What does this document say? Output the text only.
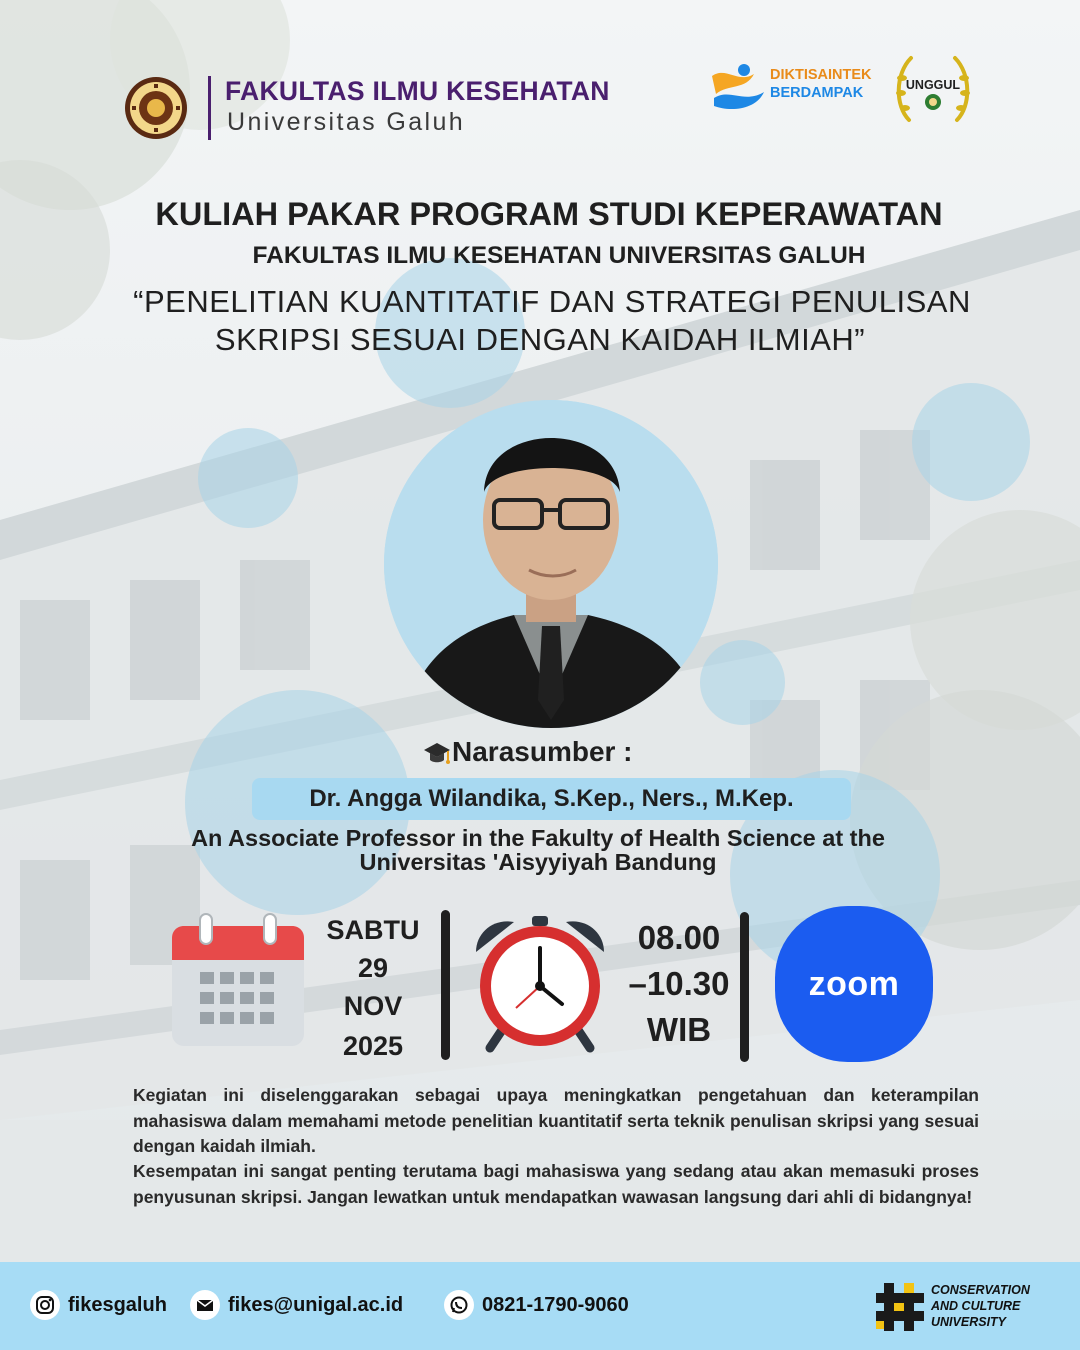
FAKULTAS ILMU KESEHATAN
Universitas Galuh
DIKTISAINTEK
BERDAMPAK	UNGGUL
KULIAH PAKAR PROGRAM STUDI KEPERAWATAN
FAKULTAS ILMU KESEHATAN UNIVERSITAS GALUH
“PENELITIAN KUANTITATIF DAN STRATEGI PENULISAN
SKRIPSI SESUAI DENGAN KAIDAH ILMIAH”
Narasumber :
Dr. Angga Wilandika, S.Kep., Ners., M.Kep.
An Associate Professor in the Fakulty of Health Science at the
Universitas 'Aisyyiyah Bandung
SABTU
29
NOV
2025
08.00
–10.30
WIB
zoom
Kegiatan ini diselenggarakan sebagai upaya meningkatkan pengetahuan dan keterampilan mahasiswa dalam memahami metode penelitian kuantitatif serta teknik penulisan skripsi yang sesuai dengan kaidah ilmiah.
Kesempatan ini sangat penting terutama bagi mahasiswa yang sedang atau akan memasuki proses penyusunan skripsi. Jangan lewatkan untuk mendapatkan wawasan langsung dari ahli di bidangnya!
fikesgaluh	fikes@unigal.ac.id	0821-1790-9060
CONSERVATION
AND CULTURE
UNIVERSITY
